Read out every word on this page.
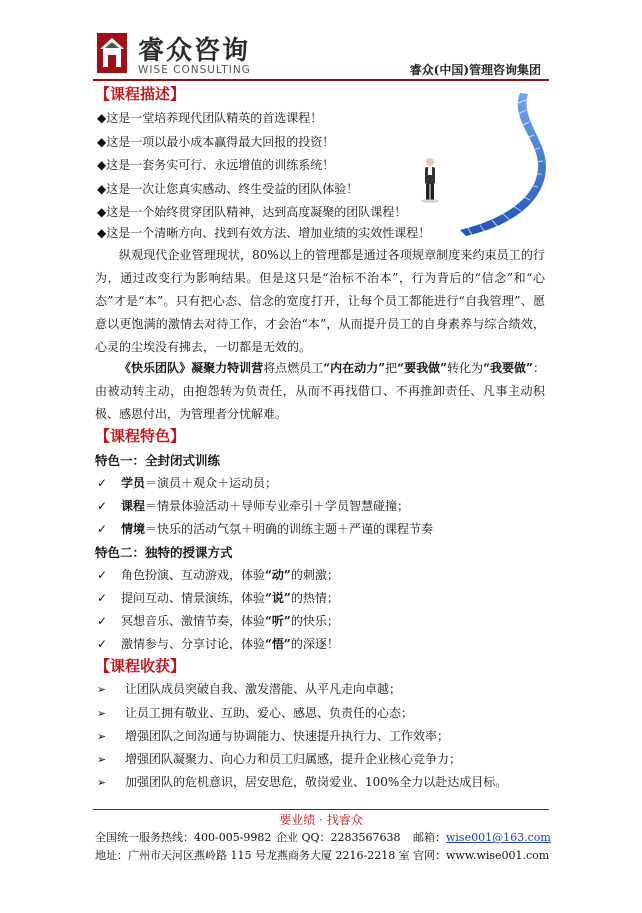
睿众咨询
WISE CONSULTING	睿众(中国)管理咨询集团
【课程描述】
◆这是一堂培养现代团队精英的首选课程！
◆这是一项以最小成本赢得最大回报的投资！
◆这是一套务实可行、永远增值的训练系统！
◆这是一次让您真实感动、终生受益的团队体验！
◆这是一个始终贯穿团队精神，达到高度凝聚的团队课程！
◆这是一个清晰方向、找到有效方法、增加业绩的实效性课程！
纵观现代企业管理现状，80%以上的管理都是通过各项规章制度来约束员工的行为，通过改变行为影响结果。但是这只是“治标不治本”，行为背后的“信念”和“心态”才是“本”。只有把心态、信念的宽度打开，让每个员工都能进行“自我管理”、愿意以更饱满的激情去对待工作，才会治“本”，从而提升员工的自身素养与综合绩效，心灵的尘埃没有拂去，一切都是无效的。
《快乐团队》凝聚力特训营将点燃员工“内在动力”把“要我做”转化为“我要做”：由被动转主动，由抱怨转为负责任，从而不再找借口、不再推卸责任、凡事主动积极、感恩付出，为管理者分忧解难。
【课程特色】
特色一：全封闭式训练
✓ 学员＝演员＋观众＋运动员；
✓ 课程＝情景体验活动＋导师专业牵引＋学员智慧碰撞；
✓ 情境＝快乐的活动气氛＋明确的训练主题＋严谨的课程节奏
特色二：独特的授课方式
✓ 角色扮演、互动游戏，体验“动”的刺激；
✓ 提问互动、情景演练，体验“说”的热情；
✓ 冥想音乐、激情节奏，体验“听”的快乐；
✓ 激情参与、分享讨论，体验“悟”的深逐！
【课程收获】
➢ 让团队成员突破自我、激发潜能、从平凡走向卓越；
➢ 让员工拥有敬业、互助、爱心、感恩、负责任的心态；
➢ 增强团队之间沟通与协调能力、快速提升执行力、工作效率；
➢ 增强团队凝聚力、向心力和员工归属感，提升企业核心竞争力；
➢ 加强团队的危机意识，居安思危，敬岗爱业、100%全力以赴达成目标。
要业绩 · 找睿众
全国统一服务热线：400-005-9982 企业 QQ：2283567638 邮箱：wise001@163.com
地址：广州市天河区燕岭路 115 号龙燕商务大厦 2216-2218 室 官网：www.wise001.com
